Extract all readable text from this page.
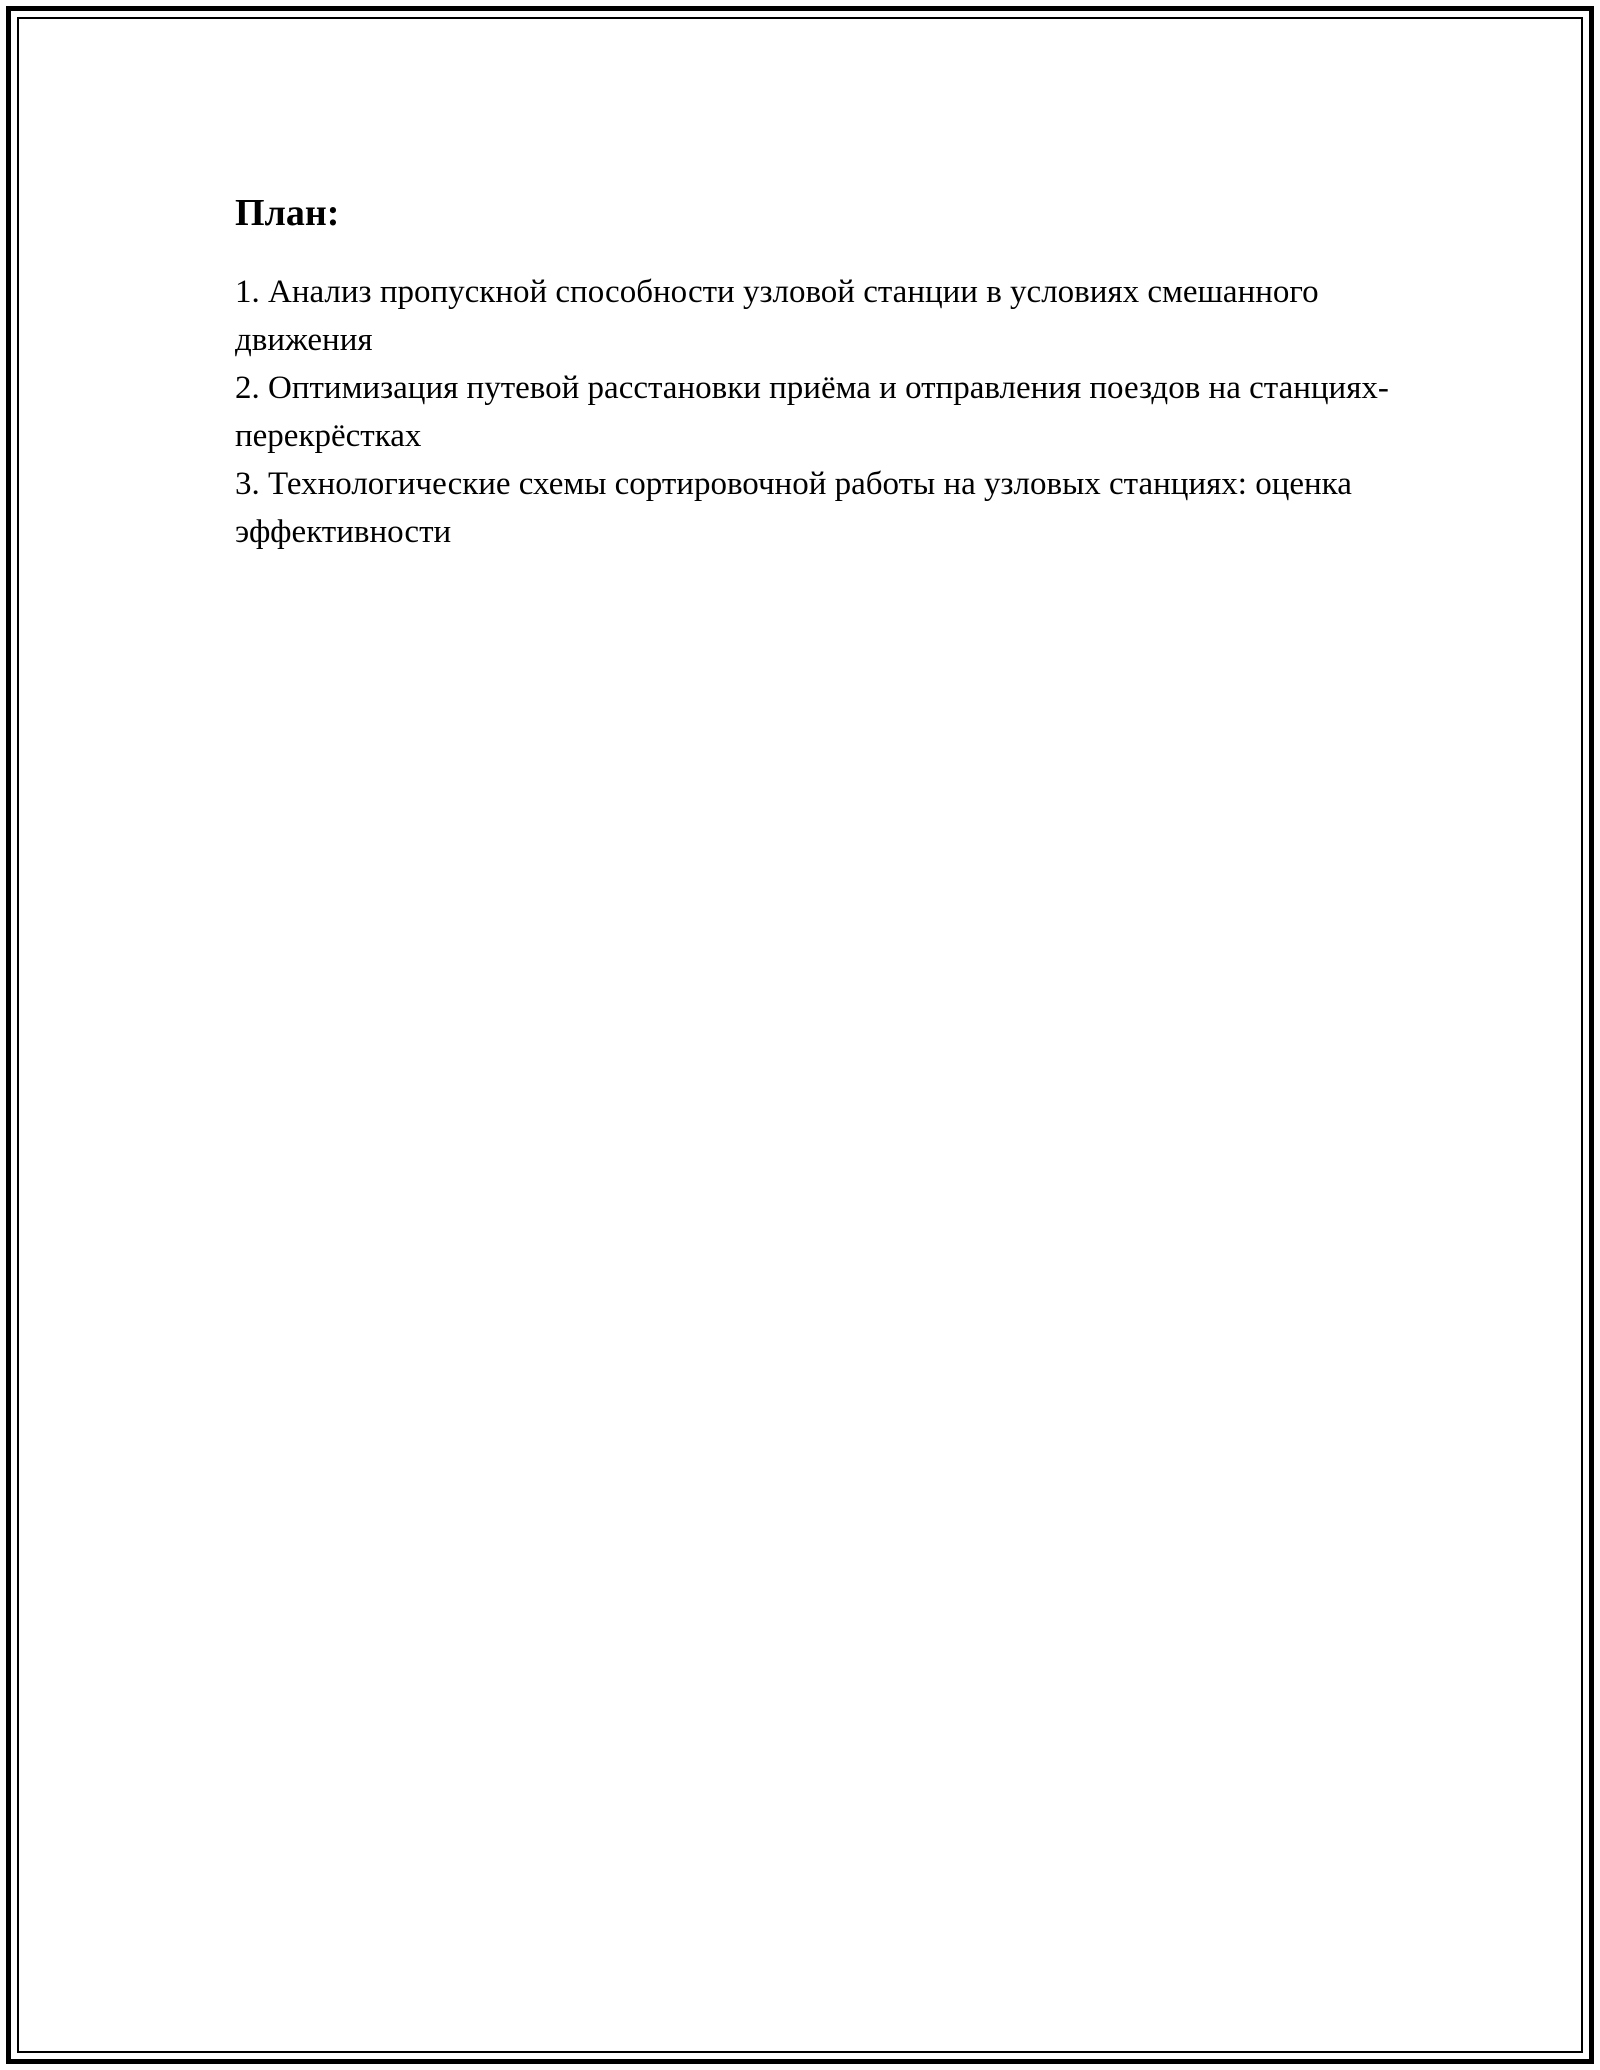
План:
1. Анализ пропускной способности узловой станции в условиях смешанного движения
2. Оптимизация путевой расстановки приёма и отправления поездов на станциях-перекрёстках
3. Технологические схемы сортировочной работы на узловых станциях: оценка эффективности
